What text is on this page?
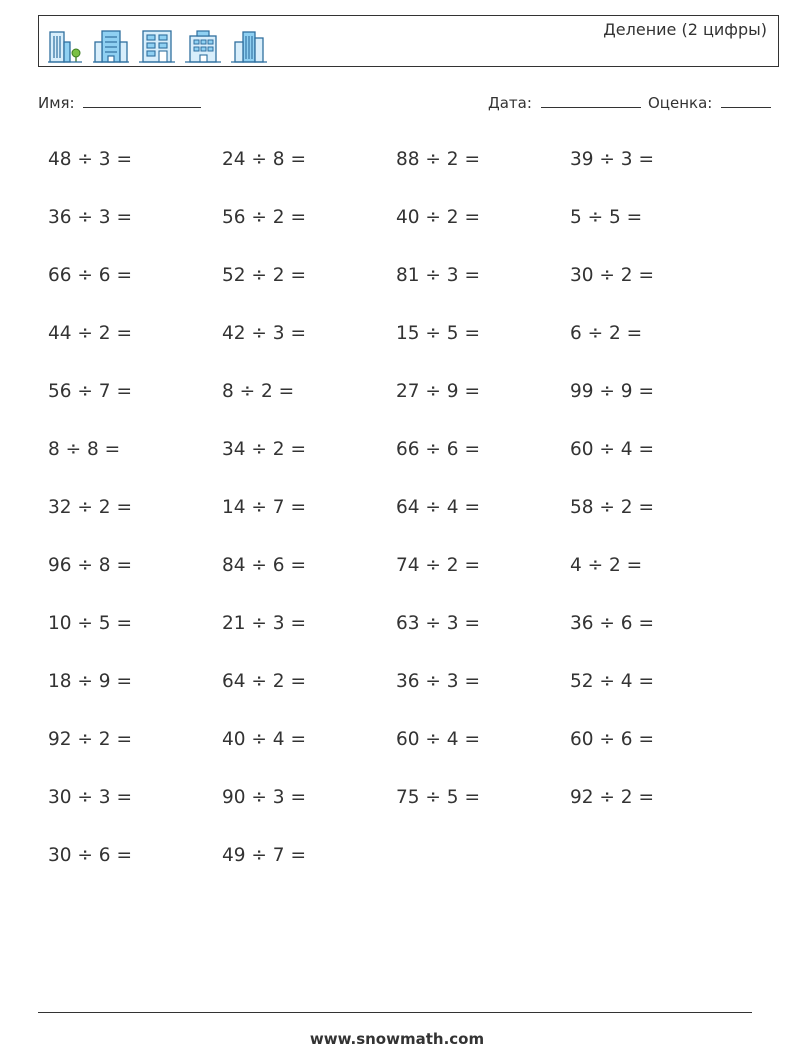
Деление (2 цифры)
Имя:	Дата:	Оценка:
48 ÷ 3 =	24 ÷ 8 =	88 ÷ 2 =	39 ÷ 3 =
36 ÷ 3 =	56 ÷ 2 =	40 ÷ 2 =	5 ÷ 5 =
66 ÷ 6 =	52 ÷ 2 =	81 ÷ 3 =	30 ÷ 2 =
44 ÷ 2 =	42 ÷ 3 =	15 ÷ 5 =	6 ÷ 2 =
56 ÷ 7 =	8 ÷ 2 =	27 ÷ 9 =	99 ÷ 9 =
8 ÷ 8 =	34 ÷ 2 =	66 ÷ 6 =	60 ÷ 4 =
32 ÷ 2 =	14 ÷ 7 =	64 ÷ 4 =	58 ÷ 2 =
96 ÷ 8 =	84 ÷ 6 =	74 ÷ 2 =	4 ÷ 2 =
10 ÷ 5 =	21 ÷ 3 =	63 ÷ 3 =	36 ÷ 6 =
18 ÷ 9 =	64 ÷ 2 =	36 ÷ 3 =	52 ÷ 4 =
92 ÷ 2 =	40 ÷ 4 =	60 ÷ 4 =	60 ÷ 6 =
30 ÷ 3 =	90 ÷ 3 =	75 ÷ 5 =	92 ÷ 2 =
30 ÷ 6 =	49 ÷ 7 =
www.snowmath.com
